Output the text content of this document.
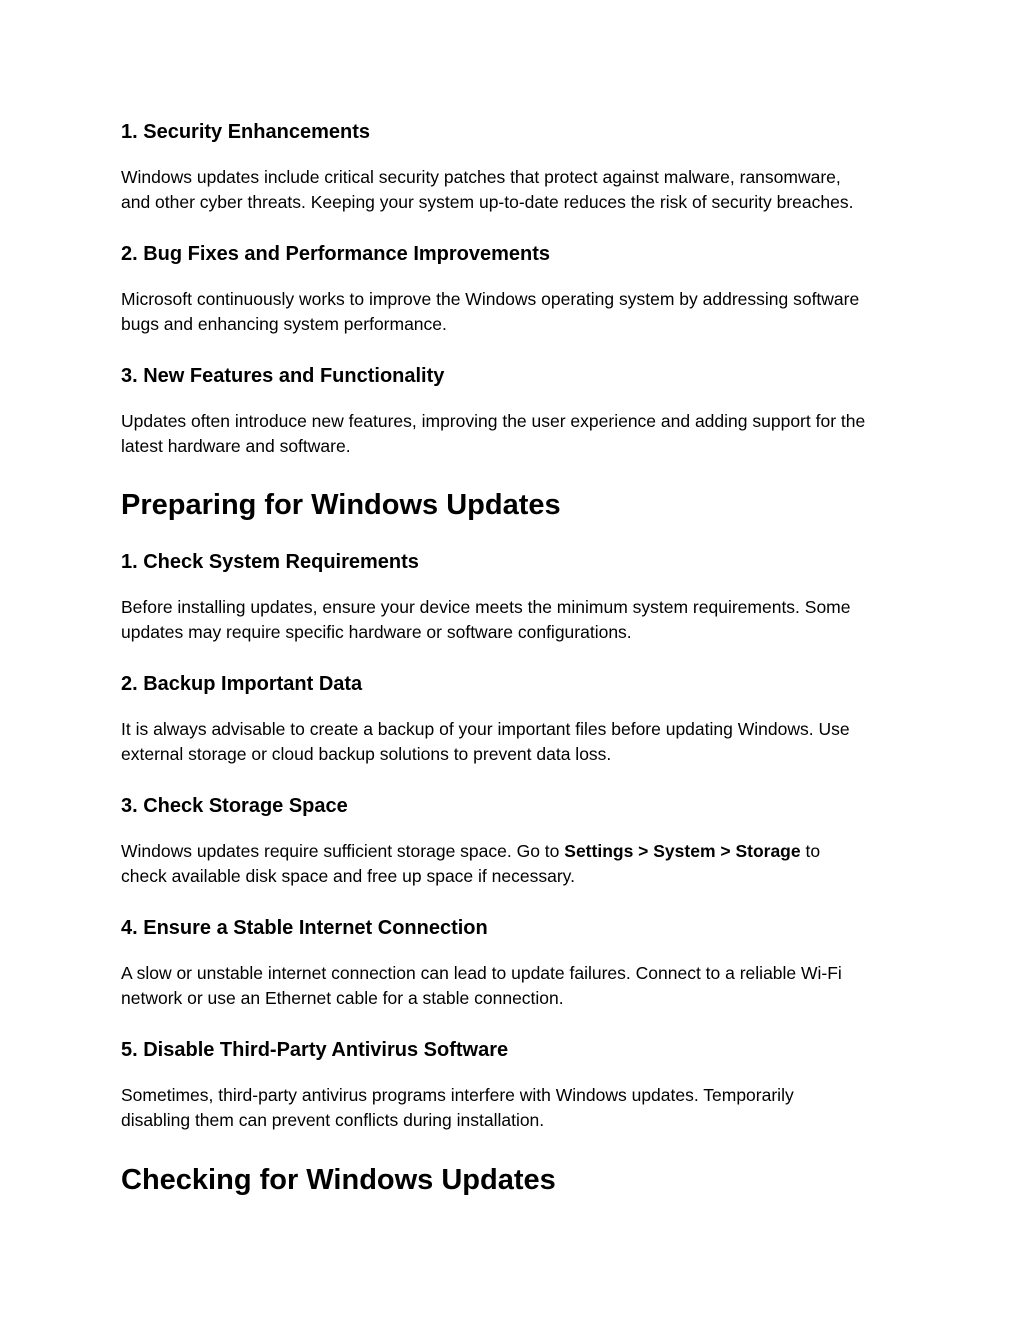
1. Security Enhancements

Windows updates include critical security patches that protect against malware, ransomware,
and other cyber threats. Keeping your system up-to-date reduces the risk of security breaches.

2. Bug Fixes and Performance Improvements

Microsoft continuously works to improve the Windows operating system by addressing software
bugs and enhancing system performance.

3. New Features and Functionality

Updates often introduce new features, improving the user experience and adding support for the
latest hardware and software.

Preparing for Windows Updates
1. Check System Requirements

Before installing updates, ensure your device meets the minimum system requirements. Some
updates may require specific hardware or software configurations.

2. Backup Important Data

It is always advisable to create a backup of your important files before updating Windows. Use
external storage or cloud backup solutions to prevent data loss.

3. Check Storage Space

Windows updates require sufficient storage space. Go to Settings > System > Storage to
check available disk space and free up space if necessary.

4. Ensure a Stable Internet Connection

A slow or unstable internet connection can lead to update failures. Connect to a reliable Wi-Fi
network or use an Ethernet cable for a stable connection.

5. Disable Third-Party Antivirus Software

Sometimes, third-party antivirus programs interfere with Windows updates. Temporarily
disabling them can prevent conflicts during installation.

Checking for Windows Updates
